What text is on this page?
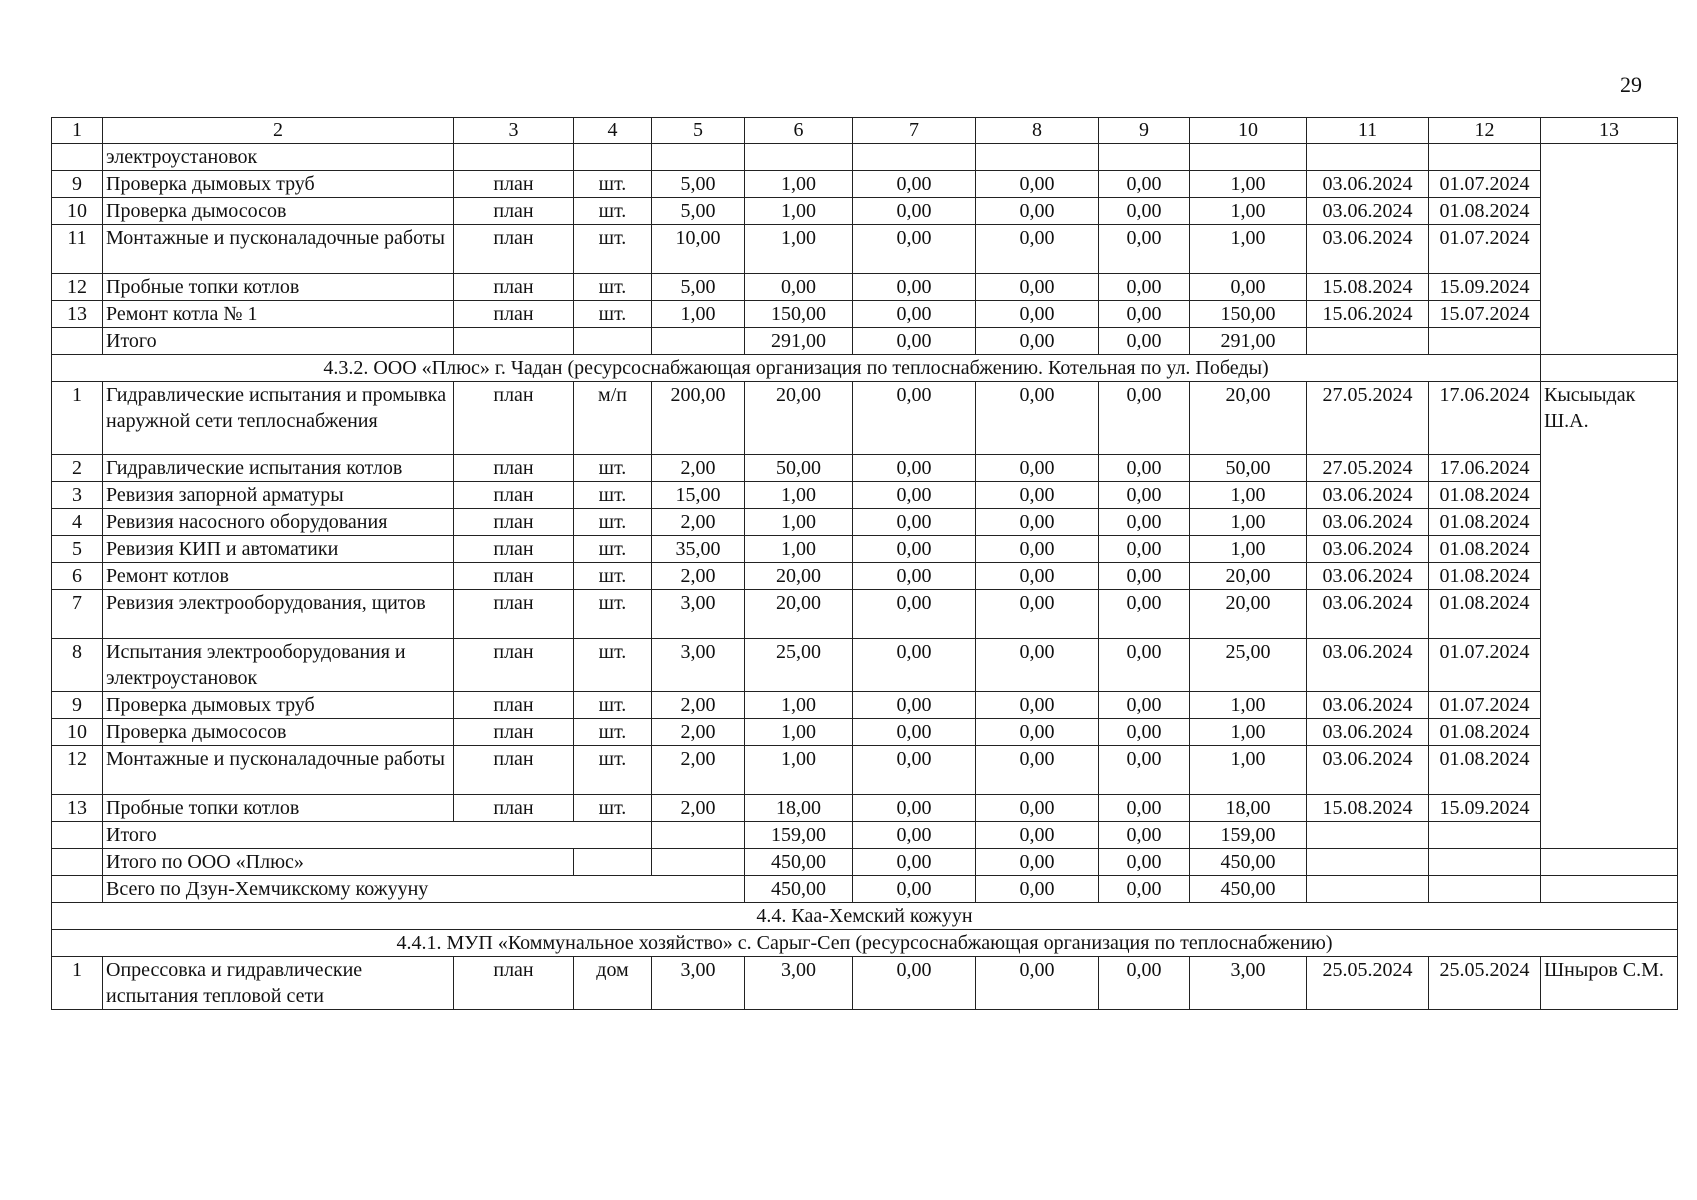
29
1	2	3	4	5	6	7	8	9	10	11	12	13
	электроустановок											
9	Проверка дымовых труб	план	шт.	5,00	1,00	0,00	0,00	0,00	1,00	03.06.2024	01.07.2024	
10	Проверка дымососов	план	шт.	5,00	1,00	0,00	0,00	0,00	1,00	03.06.2024	01.08.2024	
11	Монтажные и пусконаладочные работы	план	шт.	10,00	1,00	0,00	0,00	0,00	1,00	03.06.2024	01.07.2024	
12	Пробные топки котлов	план	шт.	5,00	0,00	0,00	0,00	0,00	0,00	15.08.2024	15.09.2024	
13	Ремонт котла № 1	план	шт.	1,00	150,00	0,00	0,00	0,00	150,00	15.06.2024	15.07.2024	
	Итого				291,00	0,00	0,00	0,00	291,00			
4.3.2. ООО «Плюс» г. Чадан (ресурсоснабжающая организация по теплоснабжению. Котельная по ул. Победы)												
1	Гидравлические испытания и промывка наружной сети теплоснабжения	план	м/п	200,00	20,00	0,00	0,00	0,00	20,00	27.05.2024	17.06.2024	Кысыыдак Ш.А.
2	Гидравлические испытания котлов	план	шт.	2,00	50,00	0,00	0,00	0,00	50,00	27.05.2024	17.06.2024	
3	Ревизия запорной арматуры	план	шт.	15,00	1,00	0,00	0,00	0,00	1,00	03.06.2024	01.08.2024	
4	Ревизия насосного оборудования	план	шт.	2,00	1,00	0,00	0,00	0,00	1,00	03.06.2024	01.08.2024	
5	Ревизия КИП и автоматики	план	шт.	35,00	1,00	0,00	0,00	0,00	1,00	03.06.2024	01.08.2024	
6	Ремонт котлов	план	шт.	2,00	20,00	0,00	0,00	0,00	20,00	03.06.2024	01.08.2024	
7	Ревизия электрооборудования, щитов	план	шт.	3,00	20,00	0,00	0,00	0,00	20,00	03.06.2024	01.08.2024	
8	Испытания электрооборудования и электроустановок	план	шт.	3,00	25,00	0,00	0,00	0,00	25,00	03.06.2024	01.07.2024	
9	Проверка дымовых труб	план	шт.	2,00	1,00	0,00	0,00	0,00	1,00	03.06.2024	01.07.2024	
10	Проверка дымососов	план	шт.	2,00	1,00	0,00	0,00	0,00	1,00	03.06.2024	01.08.2024	
12	Монтажные и пусконаладочные работы	план	шт.	2,00	1,00	0,00	0,00	0,00	1,00	03.06.2024	01.08.2024	
13	Пробные топки котлов	план	шт.	2,00	18,00	0,00	0,00	0,00	18,00	15.08.2024	15.09.2024	
	Итого				159,00	0,00	0,00	0,00	159,00			
	Итого по ООО «Плюс»				450,00	0,00	0,00	0,00	450,00			
	Всего по Дзун-Хемчикскому кожууну				450,00	0,00	0,00	0,00	450,00			
4.4. Каа-Хемский кожуун												
4.4.1. МУП «Коммунальное хозяйство» с. Сарыг-Сеп (ресурсоснабжающая организация по теплоснабжению)												
1	Опрессовка и гидравлические испытания тепловой сети	план	дом	3,00	3,00	0,00	0,00	0,00	3,00	25.05.2024	25.05.2024	Шныров С.М.
